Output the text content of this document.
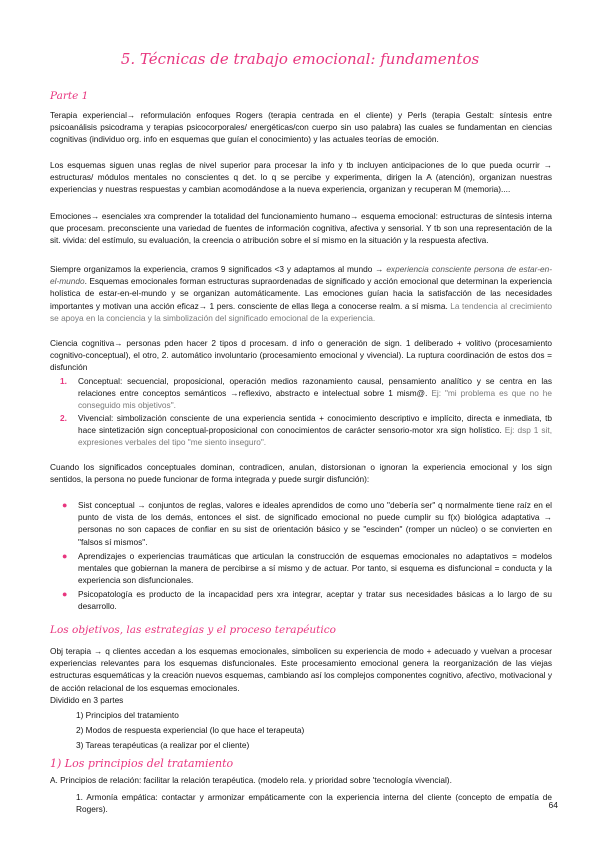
5. Técnicas de trabajo emocional: fundamentos
Parte 1

Terapia experiencial→ reformulación enfoques Rogers (terapia centrada en el cliente) y Perls (terapia Gestalt: síntesis entre psicoanálisis psicodrama y terapias psicocorporales/ energéticas/con cuerpo sin uso palabra) las cuales se fundamentan en ciencias cognitivas (individuo org. info en esquemas que guían el conocimiento) y las actuales teorías de emoción.

Los esquemas siguen unas reglas de nivel superior para procesar la info y tb incluyen anticipaciones de lo que pueda ocurrir → estructuras/ módulos mentales no conscientes q det. lo q se percibe y experimenta, dirigen la A (atención), organizan nuestras experiencias y nuestras respuestas y cambian acomodándose a la nueva experiencia, organizan y recuperan M (memoria)....

Emociones→ esenciales xra comprender la totalidad del funcionamiento humano→ esquema emocional: estructuras de síntesis interna que procesam. preconsciente una variedad de fuentes de información cognitiva, afectiva y sensorial. Y tb son una representación de la sit. vivida: del estímulo, su evaluación, la creencia o atribución sobre el sí mismo en la situación y la respuesta afectiva.

Siempre organizamos la experiencia, cramos 9 significados <3 y adaptamos al mundo → experiencia consciente persona de estar-en-el-mundo. Esquemas emocionales forman estructuras supraordenadas de significado y acción emocional que determinan la experiencia holística de estar-en-el-mundo y se organizan automáticamente. Las emociones guían hacia la satisfacción de las necesidades importantes y motivan una acción eficaz→ 1 pers. consciente de ellas llega a conocerse realm. a sí misma. La tendencia al crecimiento se apoya en la conciencia y la simbolización del significado emocional de la experiencia.

Ciencia cognitiva→ personas pden hacer 2 tipos d procesam. d info o generación de sign. 1 deliberado + volitivo (procesamiento cognitivo-conceptual), el otro, 2. automático involuntario (procesamiento emocional y vivencial). La ruptura coordinación de estos dos = disfunción

1. Conceptual: secuencial, proposicional, operación medios razonamiento causal, pensamiento analítico y se centra en las relaciones entre conceptos semánticos →reflexivo, abstracto e intelectual sobre 1 mism@. Ej: "mi problema es que no he conseguido mis objetivos".

2. Vivencial: simbolización consciente de una experiencia sentida + conocimiento descriptivo e implícito, directa e inmediata, tb hace sintetización sign conceptual-proposicional con conocimientos de carácter sensorio-motor xra sign holístico. Ej: dsp 1 sit, expresiones verbales del tipo "me siento inseguro".

Cuando los significados conceptuales dominan, contradicen, anulan, distorsionan o ignoran la experiencia emocional y los sign sentidos, la persona no puede funcionar de forma integrada y puede surgir disfunción):

● Sist conceptual → conjuntos de reglas, valores e ideales aprendidos de como uno "debería ser" q normalmente tiene raíz en el punto de vista de los demás, entonces el sist. de significado emocional no puede cumplir su f(x) biológica adaptativa → personas no son capaces de confiar en su sist de orientación básico y se "escinden" (romper un núcleo) o se convierten en "falsos sí mismos".

● Aprendizajes o experiencias traumáticas que articulan la construcción de esquemas emocionales no adaptativos = modelos mentales que gobiernan la manera de percibirse a sí mismo y de actuar. Por tanto, si esquema es disfuncional = conducta y la experiencia son disfuncionales.

● Psicopatología es producto de la incapacidad pers xra integrar, aceptar y tratar sus necesidades básicas a lo largo de su desarrollo.

Los objetivos, las estrategias y el proceso terapéutico

Obj terapia → q clientes accedan a los esquemas emocionales, simbolicen su experiencia de modo + adecuado y vuelvan a procesar experiencias relevantes para los esquemas disfuncionales. Este procesamiento emocional genera la reorganización de las viejas estructuras esquemáticas y la creación nuevos esquemas, cambiando así los complejos componentes cognitivo, afectivo, motivacional y de acción relacional de los esquemas emocionales.

Dividido en 3 partes
1) Principios del tratamiento
2) Modos de respuesta experiencial (lo que hace el terapeuta)
3) Tareas terapéuticas (a realizar por el cliente)
1) Los principios del tratamiento
A. Principios de relación: facilitar la relación terapéutica. (modelo rela. y prioridad sobre 'tecnología vivencial).

1. Armonía empática: contactar y armonizar empáticamente con la experiencia interna del cliente (concepto de empatía de Rogers).	64
